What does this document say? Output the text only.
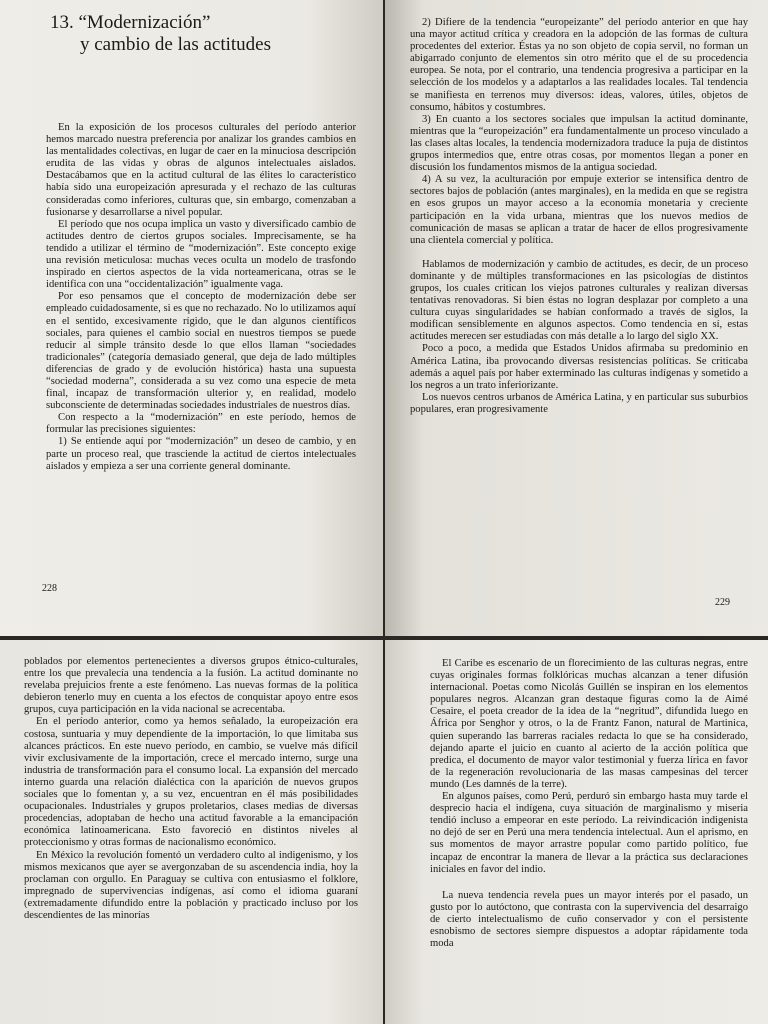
13. “Modernización”
y cambio de las actitudes

En la exposición de los procesos culturales del período anterior hemos marcado nuestra preferencia por analizar los grandes cambios en las mentalidades colectivas, en lugar de caer en la minuciosa descripción erudita de las vidas y obras de algunos intelectuales aislados. Destacábamos que en la actitud cultural de las élites lo característico había sido una europeización apresurada y el rechazo de las culturas consideradas como inferiores, culturas que, sin embargo, comenzaban a fusionarse y desarrollarse a nivel popular.

El período que nos ocupa implica un vasto y diversificado cambio de actitudes dentro de ciertos grupos sociales. Imprecisamente, se ha tendido a utilizar el término de “modernización”. Este concepto exige una revisión meticulosa: muchas veces oculta un modelo de trasfondo inspirado en ciertos aspectos de la vida norteamericana, otras se le identifica con una “occidentalización” igualmente vaga.

Por eso pensamos que el concepto de modernización debe ser empleado cuidadosamente, si es que no rechazado. No lo utilizamos aquí en el sentido, excesivamente rígido, que le dan algunos científicos sociales, para quienes el cambio social en nuestros tiempos se puede reducir al simple tránsito desde lo que ellos llaman “sociedades tradicionales” (categoría demasiado general, que deja de lado múltiples diferencias de grado y de evolución histórica) hasta una supuesta “sociedad moderna”, considerada a su vez como una especie de meta final, incapaz de transformación ulterior y, en realidad, modelo subconsciente de determinadas sociedades industriales de nuestros días.

Con respecto a la “modernización” en este período, hemos de formular las precisiones siguientes:

1) Se entiende aquí por “modernización” un deseo de cambio, y en parte un proceso real, que trasciende la actitud de ciertos intelectuales aislados y empieza a ser una corriente general dominante.

228

2) Difiere de la tendencia “europeizante” del período anterior en que hay una mayor actitud crítica y creadora en la adopción de las formas de cultura procedentes del exterior. Éstas ya no son objeto de copia servil, no forman un abigarrado conjunto de elementos sin otro mérito que el de su procedencia europea. Se nota, por el contrario, una tendencia progresiva a participar en la selección de los modelos y a adaptarlos a las realidades locales. Tal tendencia se manifiesta en terrenos muy diversos: ideas, valores, útiles, objetos de consumo, hábitos y costumbres.

3) En cuanto a los sectores sociales que impulsan la actitud dominante, mientras que la “europeización” era fundamentalmente un proceso vinculado a las clases altas locales, la tendencia modernizadora traduce la puja de distintos grupos intermedios que, entre otras cosas, por momentos llegan a poner en discusión los fundamentos mismos de la antigua sociedad.

4) A su vez, la aculturación por empuje exterior se intensifica dentro de sectores bajos de población (antes marginales), en la medida en que se registra en esos grupos un mayor acceso a la economía monetaria y creciente participación en la vida urbana, mientras que los nuevos medios de comunicación de masas se aplican a tratar de hacer de ellos progresivamente una clientela comercial y política.

Hablamos de modernización y cambio de actitudes, es decir, de un proceso dominante y de múltiples transformaciones en las psicologías de distintos grupos, los cuales critican los viejos patrones culturales y realizan diversas tentativas renovadoras. Si bien éstas no logran desplazar por completo a una cultura cuyas singularidades se habían conformado a través de siglos, la modifican sensiblemente en algunos aspectos. Como tendencia en sí, estas actitudes merecen ser estudiadas con más detalle a lo largo del siglo XX.

Poco a poco, a medida que Estados Unidos afirmaba su predominio en América Latina, iba provocando diversas resistencias políticas. Se criticaba además a aquel país por haber exterminado las culturas indígenas y sometido a los negros a un trato inferiorizante.

Los nuevos centros urbanos de América Latina, y en particular sus suburbios populares, eran progresivamente

229

poblados por elementos pertenecientes a diversos grupos étnico-culturales, entre los que prevalecía una tendencia a la fusión. La actitud dominante no revelaba prejuicios frente a este fenómeno. Las nuevas formas de la política debieron tenerlo muy en cuenta a los efectos de conquistar apoyo entre esos grupos, cuya participación en la vida nacional se acrecentaba.

En el período anterior, como ya hemos señalado, la europeización era costosa, suntuaria y muy dependiente de la importación, lo que limitaba sus alcances prácticos. En este nuevo período, en cambio, se vuelve más difícil vivir exclusivamente de la importación, crece el mercado interno, surge una industria de transformación para el consumo local. La expansión del mercado interno guarda una relación dialéctica con la aparición de nuevos grupos sociales que lo fomentan y, a su vez, encuentran en él más posibilidades ocupacionales. Industriales y grupos proletarios, clases medias de diversas procedencias, adoptaban de hecho una actitud favorable a la emancipación económica latinoamericana. Esto favoreció en distintos niveles al proteccionismo y otras formas de nacionalismo económico.

En México la revolución fomentó un verdadero culto al indigenismo, y los mismos mexicanos que ayer se avergonzaban de su ascendencia india, hoy la proclaman con orgullo. En Paraguay se cultiva con entusiasmo el folklore, impregnado de supervivencias indígenas, así como el idioma guaraní (extremadamente difundido entre la población y practicado incluso por los descendientes de las minorías

El Caribe es escenario de un florecimiento de las culturas negras, entre cuyas originales formas folklóricas muchas alcanzan a tener difusión internacional. Poetas como Nicolás Guillén se inspiran en los elementos populares negros. Alcanzan gran destaque figuras como la de Aimé Cesaire, el poeta creador de la idea de la “negritud”, difundida luego en África por Senghor y otros, o la de Frantz Fanon, natural de Martinica, quien superando las barreras raciales redacta lo que se ha considerado, dejando aparte el juicio en cuanto al acierto de la acción política que predica, el documento de mayor valor testimonial y fuerza lírica en favor de la regeneración revolucionaria de las masas campesinas del tercer mundo (Les damnés de la terre).

En algunos países, como Perú, perduró sin embargo hasta muy tarde el desprecio hacia el indígena, cuya situación de marginalismo y miseria tendió incluso a empeorar en este período. La reivindicación indigenista no dejó de ser en Perú una mera tendencia intelectual. Aun el aprismo, en sus momentos de mayor arrastre popular como partido político, fue incapaz de encontrar la manera de llevar a la práctica sus declaraciones iniciales en favor del indio.

La nueva tendencia revela pues un mayor interés por el pasado, un gusto por lo autóctono, que contrasta con la supervivencia del desarraigo de cierto intelectualismo de cuño conservador y con el persistente esnobismo de sectores siempre dispuestos a adoptar rápidamente toda moda
